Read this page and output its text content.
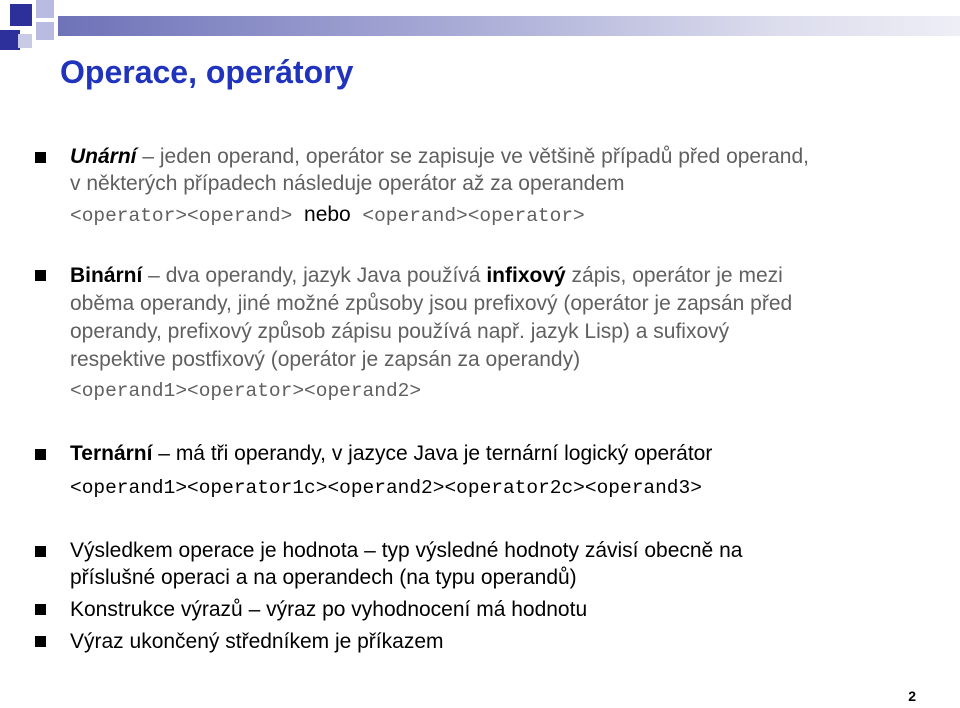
Operace, operátory
Unární – jeden operand, operátor se zapisuje ve většině případů před operand,
v některých případech následuje operátor až za operandem
<operator><operand> nebo <operand><operator>
Binární – dva operandy, jazyk Java používá infixový zápis, operátor je mezi
oběma operandy, jiné možné způsoby jsou prefixový (operátor je zapsán před
operandy, prefixový způsob zápisu používá např. jazyk Lisp) a sufixový
respektive postfixový (operátor je zapsán za operandy)
<operand1><operator><operand2>
Ternární – má tři operandy, v jazyce Java je ternární logický operátor
<operand1><operator1c><operand2><operator2c><operand3>
Výsledkem operace je hodnota – typ výsledné hodnoty závisí obecně na
příslušné operaci a na operandech (na typu operandů)
Konstrukce výrazů – výraz po vyhodnocení má hodnotu
Výraz ukončený středníkem je příkazem
2
